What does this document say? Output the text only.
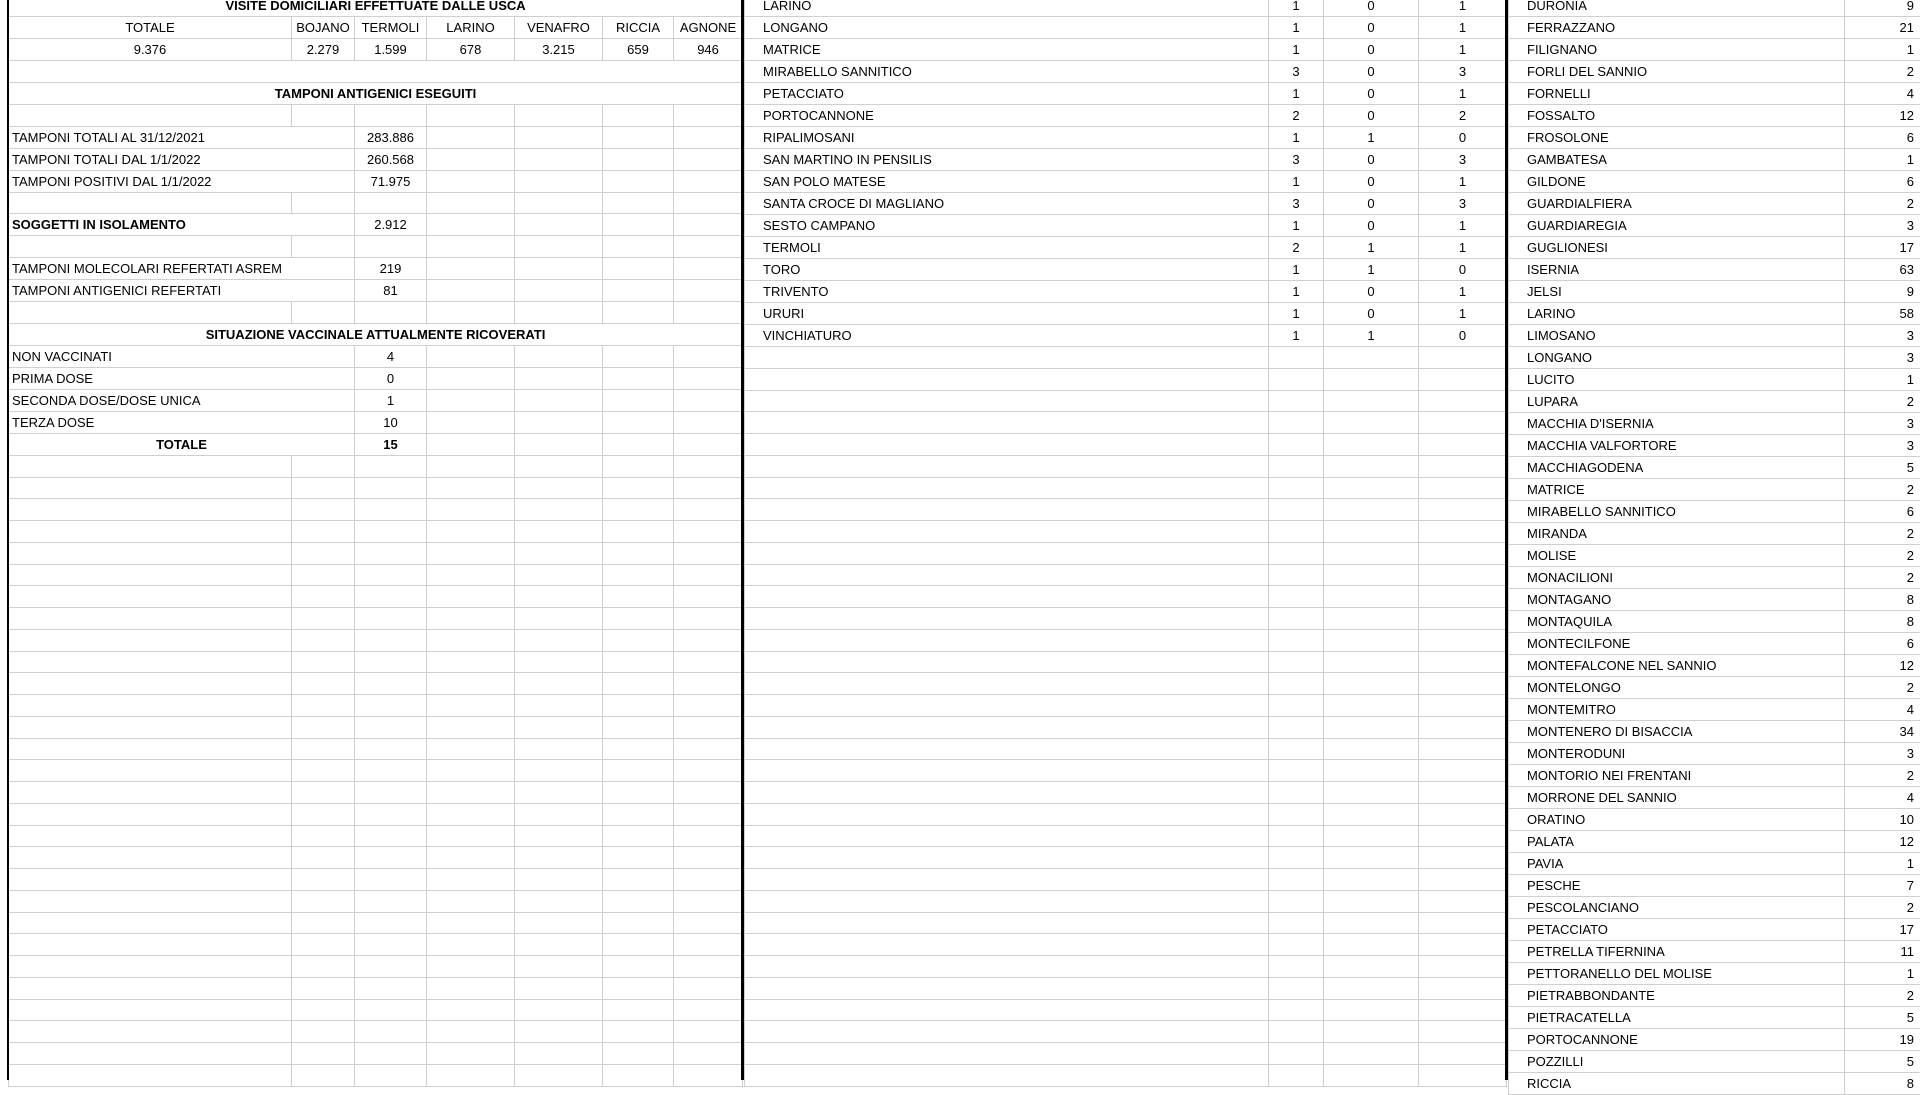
VISITE DOMICILIARI EFFETTUATE DALLE USCA						
TOTALE	BOJANO	TERMOLI	LARINO	VENAFRO	RICCIA	AGNONE
9.376	2.279	1.599	678	3.215	659	946

TAMPONI ANTIGENICI ESEGUITI						

TAMPONI TOTALI AL 31/12/2021		283.886				
TAMPONI TOTALI DAL 1/1/2022		260.568				
TAMPONI POSITIVI DAL 1/1/2022		71.975				

SOGGETTI IN ISOLAMENTO		2.912				

TAMPONI MOLECOLARI REFERTATI ASREM		219				
TAMPONI ANTIGENICI REFERTATI		81				

SITUAZIONE VACCINALE ATTUALMENTE RICOVERATI						
NON VACCINATI		4				
PRIMA DOSE		0				
SECONDA DOSE/DOSE UNICA		1				
TERZA DOSE		10				
TOTALE		15				

LARINO	1	0	1
LONGANO	1	0	1
MATRICE	1	0	1
MIRABELLO SANNITICO	3	0	3
PETACCIATO	1	0	1
PORTOCANNONE	2	0	2
RIPALIMOSANI	1	1	0
SAN MARTINO IN PENSILIS	3	0	3
SAN POLO MATESE	1	0	1
SANTA CROCE DI MAGLIANO	3	0	3
SESTO CAMPANO	1	0	1
TERMOLI	2	1	1
TORO	1	1	0
TRIVENTO	1	0	1
URURI	1	0	1
VINCHIATURO	1	1	0

DURONIA	9
FERRAZZANO	21
FILIGNANO	1
FORLI DEL SANNIO	2
FORNELLI	4
FOSSALTO	12
FROSOLONE	6
GAMBATESA	1
GILDONE	6
GUARDIALFIERA	2
GUARDIAREGIA	3
GUGLIONESI	17
ISERNIA	63
JELSI	9
LARINO	58
LIMOSANO	3
LONGANO	3
LUCITO	1
LUPARA	2
MACCHIA D'ISERNIA	3
MACCHIA VALFORTORE	3
MACCHIAGODENA	5
MATRICE	2
MIRABELLO SANNITICO	6
MIRANDA	2
MOLISE	2
MONACILIONI	2
MONTAGANO	8
MONTAQUILA	8
MONTECILFONE	6
MONTEFALCONE NEL SANNIO	12
MONTELONGO	2
MONTEMITRO	4
MONTENERO DI BISACCIA	34
MONTERODUNI	3
MONTORIO NEI FRENTANI	2
MORRONE DEL SANNIO	4
ORATINO	10
PALATA	12
PAVIA	1
PESCHE	7
PESCOLANCIANO	2
PETACCIATO	17
PETRELLA TIFERNINA	11
PETTORANELLO DEL MOLISE	1
PIETRABBONDANTE	2
PIETRACATELLA	5
PORTOCANNONE	19
POZZILLI	5
RICCIA	8
